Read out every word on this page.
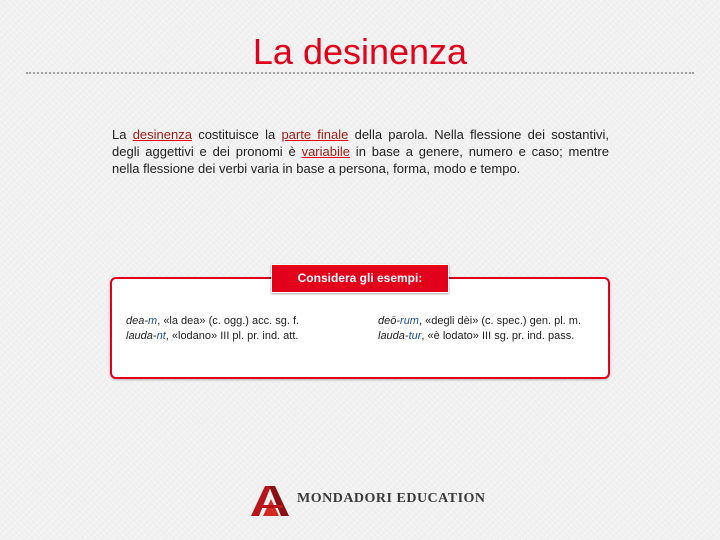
La desinenza

La desinenza costituisce la parte finale della parola. Nella flessione dei sostantivi, degli aggettivi e dei pronomi è variabile in base a genere, numero e caso; mentre nella flessione dei verbi varia in base a persona, forma, modo e tempo.

Considera gli esempi:
dea-m, «la dea» (c. ogg.) acc. sg. f.
lauda-nt, «lodano» III pl. pr. ind. att.
deō-rum, «degli dèi» (c. spec.) gen. pl. m.
lauda-tur, «è lodato» III sg. pr. ind. pass.
MONDADORI EDUCATION
